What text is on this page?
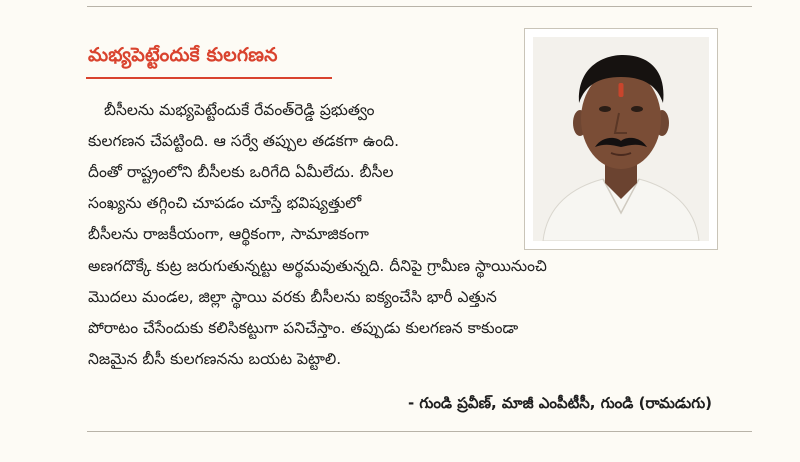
మభ్యపెట్టేందుకే కులగణన
బీసీలను మభ్యపెట్టేందుకే రేవంత్‌రెడ్డి ప్రభుత్వం
కులగణన చేపట్టింది. ఆ సర్వే తప్పుల తడకగా ఉంది.
దీంతో రాష్ట్రంలోని బీసీలకు ఒరిగేది ఏమీలేదు. బీసీల
సంఖ్యను తగ్గించి చూపడం చూస్తే భవిష్యత్తులో
బీసీలను రాజకీయంగా, ఆర్థికంగా, సామాజికంగా
అణగదొక్కే కుట్ర జరుగుతున్నట్టు అర్థమవుతున్నది. దీనిపై గ్రామీణ స్థాయినుంచి
మొదలు మండల, జిల్లా స్థాయి వరకు బీసీలను ఐక్యంచేసి భారీ ఎత్తున
పోరాటం చేసేందుకు కలిసికట్టుగా పనిచేస్తాం. తప్పుడు కులగణన కాకుండా
నిజమైన బీసీ కులగణనను బయట పెట్టాలి.
- గుండి ప్రవీణ్‌, మాజీ ఎంపీటీసీ, గుండి (రామడుగు)
